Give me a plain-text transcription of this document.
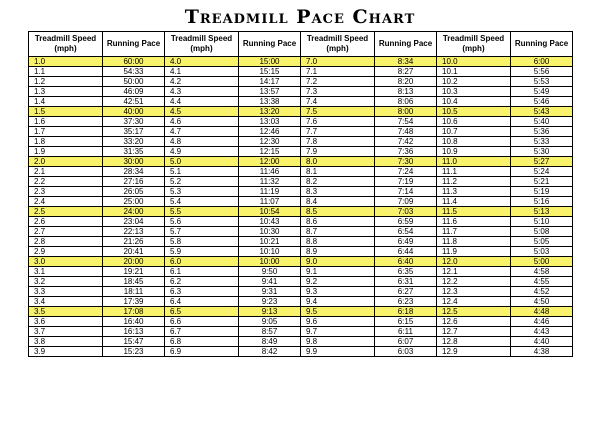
Treadmill Pace Chart
Treadmill Speed (mph)	Running Pace	Treadmill Speed (mph)	Running Pace	Treadmill Speed (mph)	Running Pace	Treadmill Speed (mph)	Running Pace
1.0	60:00	4.0	15:00	7.0	8:34	10.0	6:00
1.1	54:33	4.1	15:15	7.1	8:27	10.1	5:56
1.2	50:00	4.2	14:17	7.2	8:20	10.2	5:53
1.3	46:09	4.3	13:57	7.3	8:13	10.3	5:49
1.4	42:51	4.4	13:38	7.4	8:06	10.4	5:46
1.5	40:00	4.5	13:20	7.5	8:00	10.5	5:43
1.6	37:30	4.6	13:03	7.6	7:54	10.6	5:40
1.7	35:17	4.7	12:46	7.7	7:48	10.7	5:36
1.8	33:20	4.8	12:30	7.8	7:42	10.8	5:33
1.9	31:35	4.9	12:15	7.9	7:36	10.9	5:30
2.0	30:00	5.0	12:00	8.0	7:30	11.0	5:27
2.1	28:34	5.1	11:46	8.1	7:24	11.1	5:24
2.2	27:16	5.2	11:32	8.2	7:19	11.2	5:21
2.3	26:05	5.3	11:19	8.3	7:14	11.3	5:19
2.4	25:00	5.4	11:07	8.4	7:09	11.4	5:16
2.5	24:00	5.5	10:54	8.5	7:03	11.5	5:13
2.6	23:04	5.6	10:43	8.6	6:59	11.6	5:10
2.7	22:13	5.7	10:30	8.7	6:54	11.7	5:08
2.8	21:26	5.8	10:21	8.8	6:49	11.8	5:05
2.9	20:41	5.9	10:10	8.9	6:44	11.9	5:03
3.0	20:00	6.0	10:00	9.0	6:40	12.0	5:00
3.1	19:21	6.1	9:50	9.1	6:35	12.1	4:58
3.2	18:45	6.2	9:41	9.2	6:31	12.2	4:55
3.3	18:11	6.3	9:31	9.3	6:27	12.3	4:52
3.4	17:39	6.4	9:23	9.4	6:23	12.4	4:50
3.5	17:08	6.5	9:13	9.5	6:18	12.5	4:48
3.6	16:40	6.6	9:05	9.6	6:15	12.6	4:46
3.7	16:13	6.7	8:57	9.7	6:11	12.7	4:43
3.8	15:47	6.8	8:49	9.8	6:07	12.8	4:40
3.9	15:23	6.9	8:42	9.9	6:03	12.9	4:38
